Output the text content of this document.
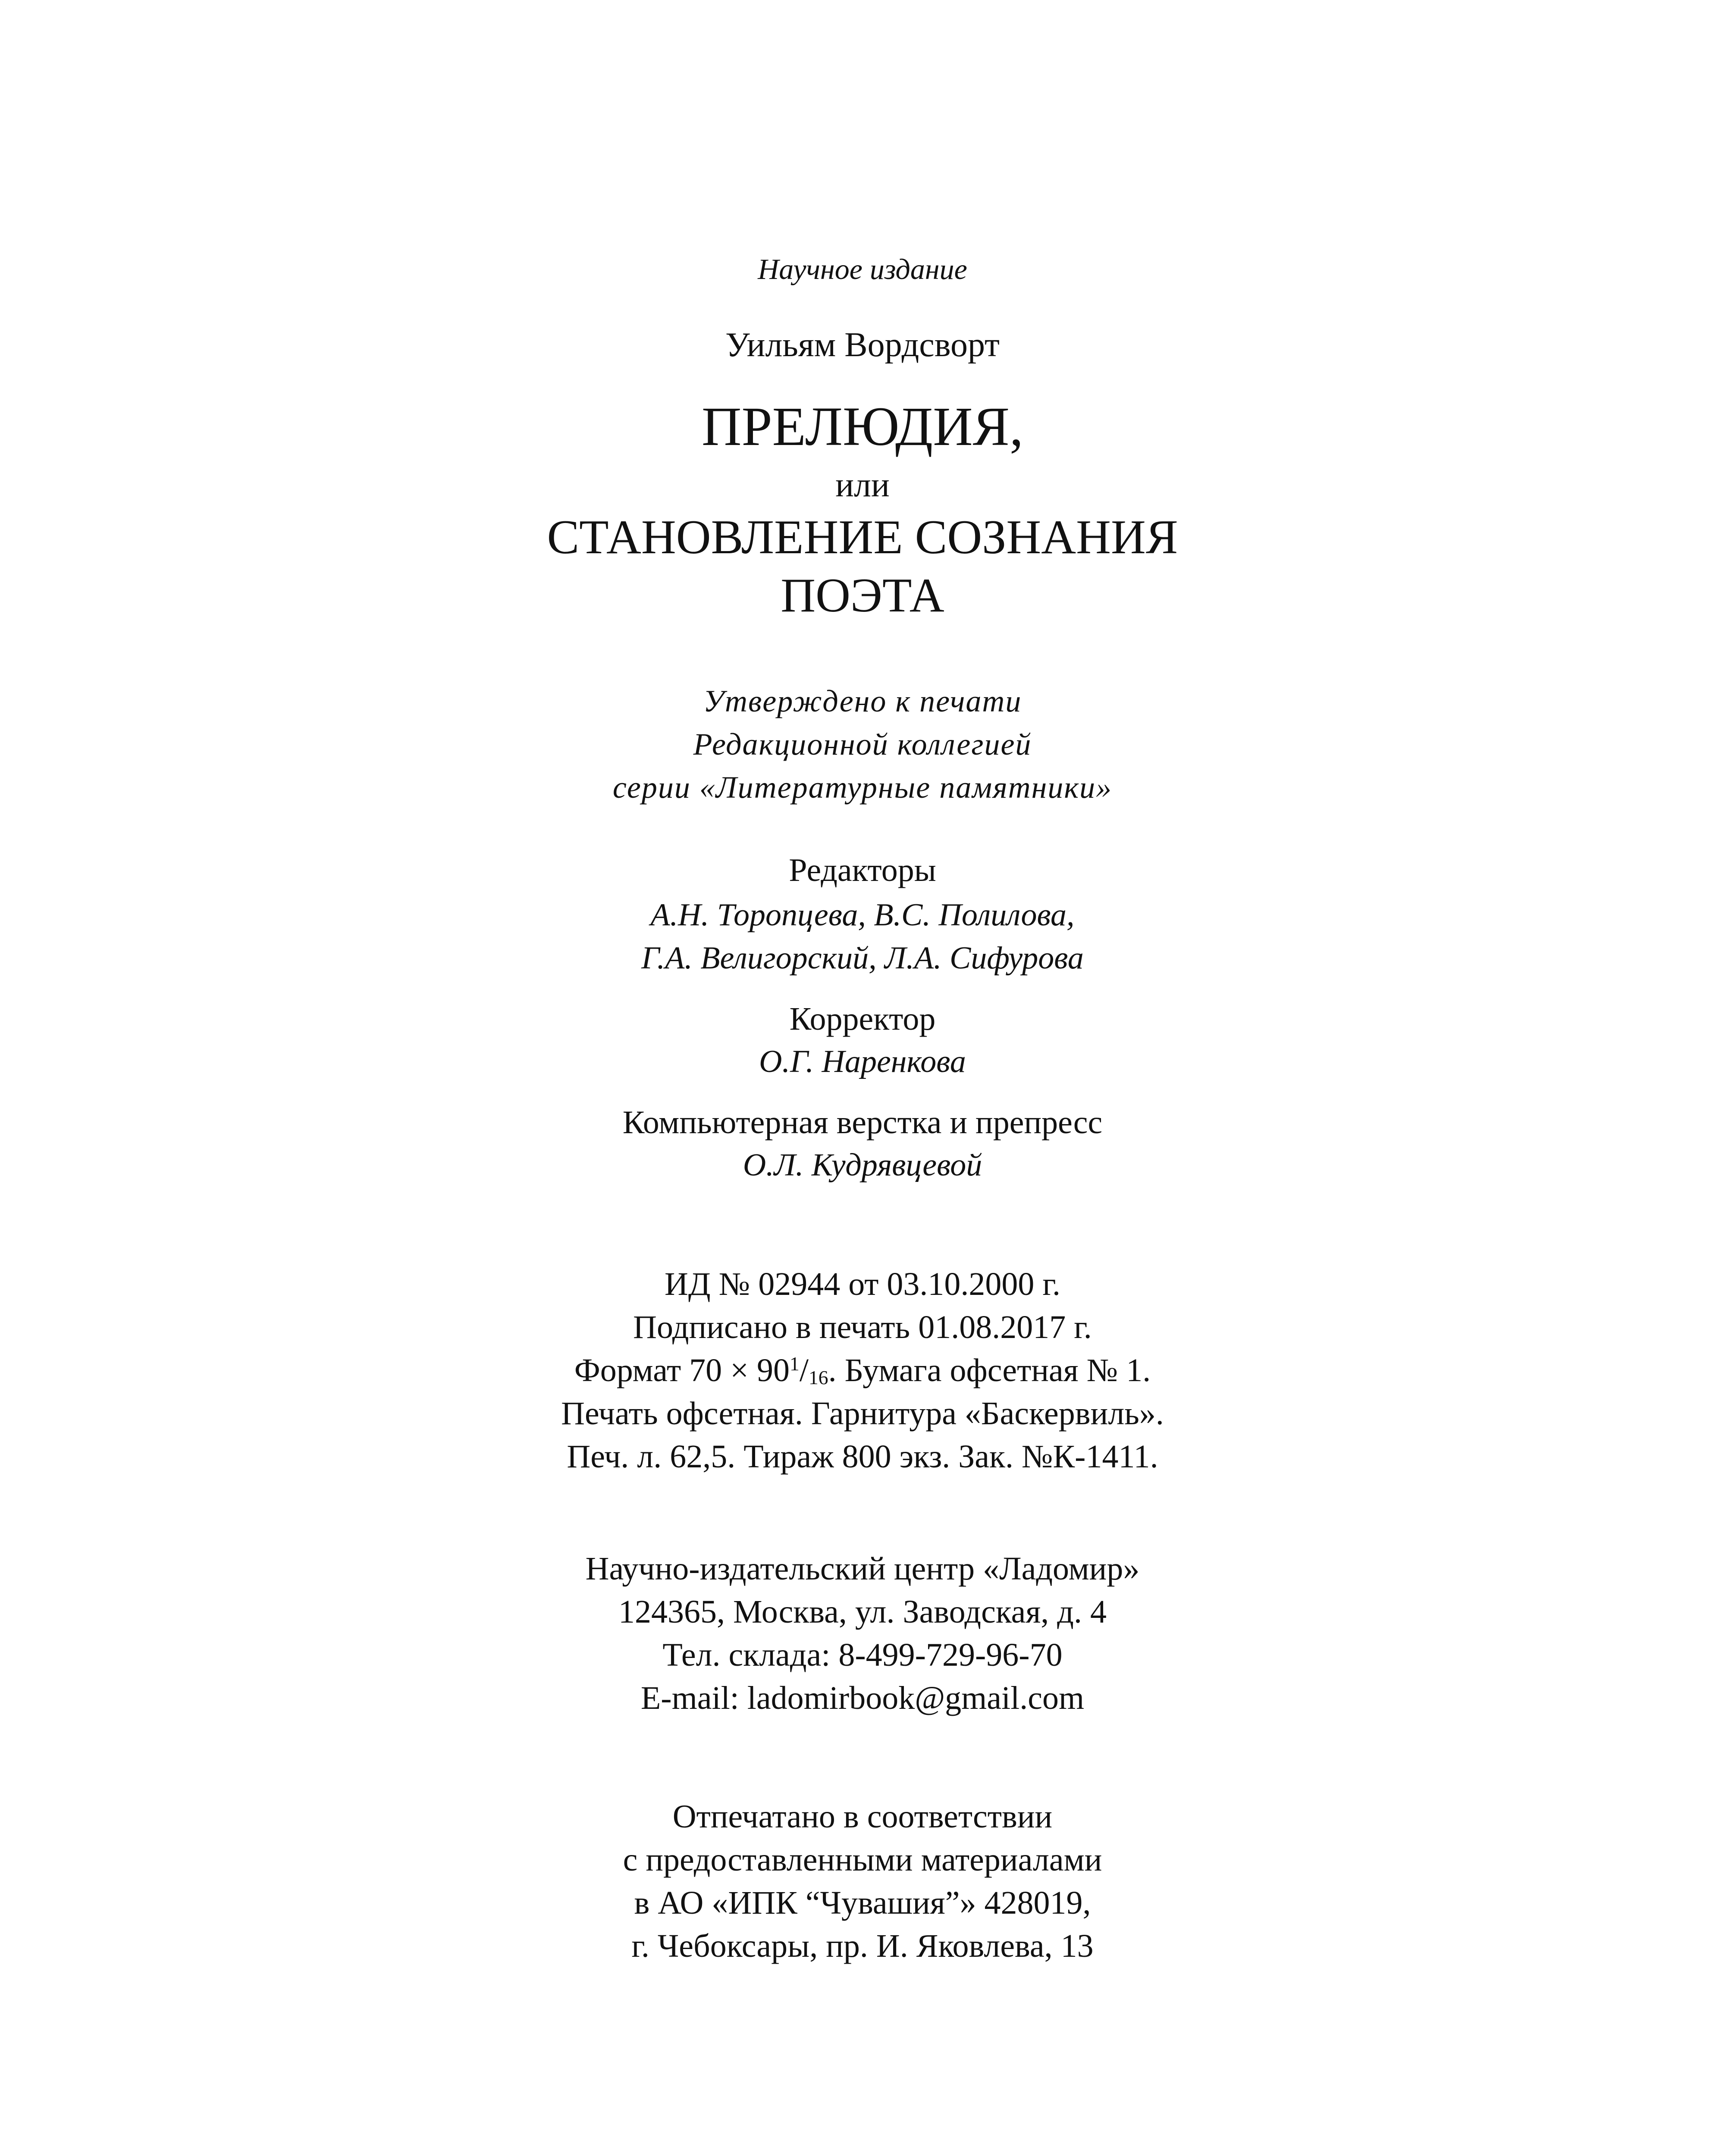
Научное издание
Уильям Вордсворт
ПРЕЛЮДИЯ,
или
СТАНОВЛЕНИЕ СОЗНАНИЯ
ПОЭТА
Утверждено к печати
Редакционной коллегией
серии «Литературные памятники»
Редакторы
А.Н. Торопцева, В.С. Полилова,
Г.А. Велигорский, Л.А. Сифурова
Корректор
О.Г. Наренкова
Компьютерная верстка и препресс
О.Л. Кудрявцевой
ИД № 02944 от 03.10.2000 г.
Подписано в печать 01.08.2017 г.
Формат $70 \times 90^1/16$. Бумага офсетная № 1.
Печать офсетная. Гарнитура «Баскервиль».
Печ. л. 62,5. Тираж 800 экз. Зак. №К-1411.
Научно-издательский центр «Ладомир»
124365, Москва, ул. Заводская, д. 4
Тел. склада: 8-499-729-96-70
E-mail: ladomirbook@gmail.com
Отпечатано в соответствии
с предоставленными материалами
в АО «ИПК “Чувашия”» 428019,
г. Чебоксары, пр. И. Яковлева, 13
